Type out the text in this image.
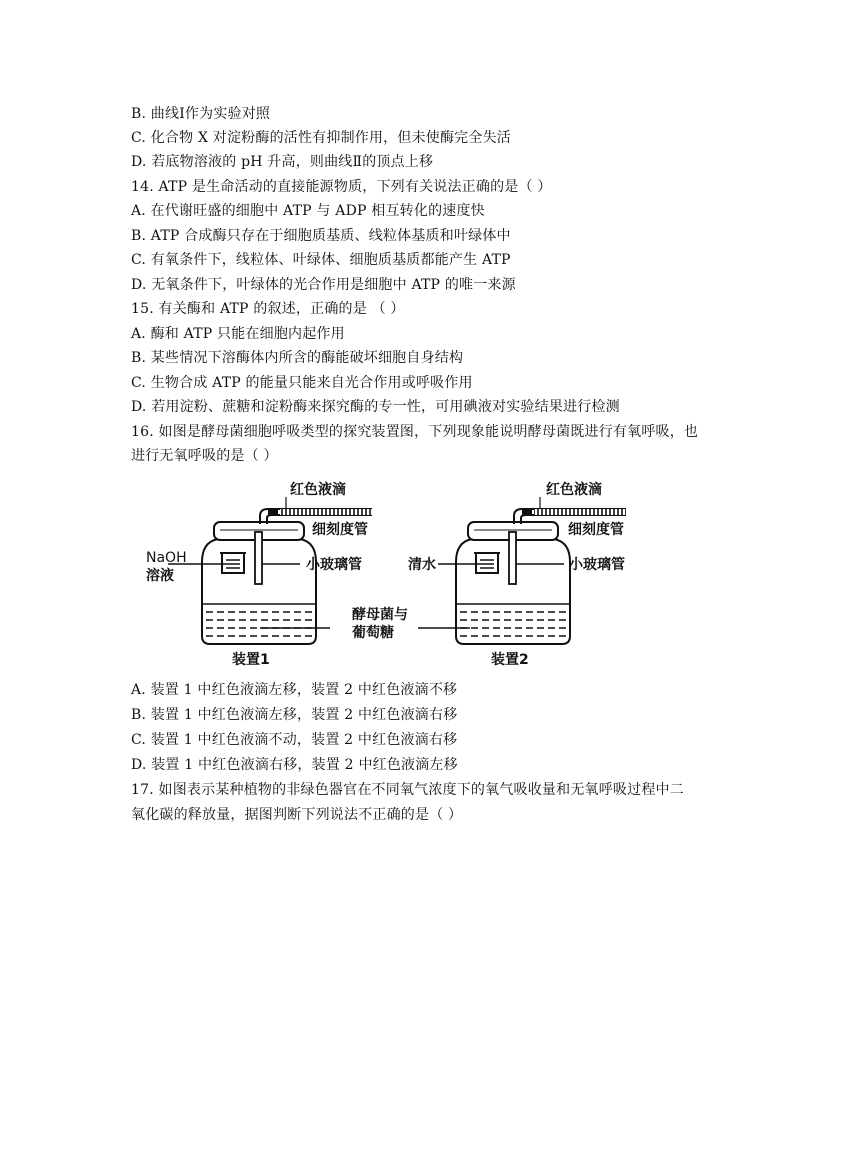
B. 曲线Ⅰ作为实验对照
C. 化合物 X 对淀粉酶的活性有抑制作用，但未使酶完全失活
D. 若底物溶液的 pH 升高，则曲线Ⅱ的顶点上移
14. ATP 是生命活动的直接能源物质，下列有关说法正确的是（ ）
A. 在代谢旺盛的细胞中 ATP 与 ADP 相互转化的速度快
B. ATP 合成酶只存在于细胞质基质、线粒体基质和叶绿体中
C. 有氧条件下，线粒体、叶绿体、细胞质基质都能产生 ATP
D. 无氧条件下，叶绿体的光合作用是细胞中 ATP 的唯一来源
15. 有关酶和 ATP 的叙述，正确的是 （ ）
A. 酶和 ATP 只能在细胞内起作用
B. 某些情况下溶酶体内所含的酶能破坏细胞自身结构
C. 生物合成 ATP 的能量只能来自光合作用或呼吸作用
D. 若用淀粉、蔗糖和淀粉酶来探究酶的专一性，可用碘液对实验结果进行检测
16. 如图是酵母菌细胞呼吸类型的探究装置图，下列现象能说明酵母菌既进行有氧呼吸，也
进行无氧呼吸的是（ ）
红色液滴
细刻度管
小玻璃管
NaOH
溶液
酵母菌与
葡萄糖
装置1
红色液滴
细刻度管
小玻璃管
清水
装置2
A. 装置 1 中红色液滴左移，装置 2 中红色液滴不移
B. 装置 1 中红色液滴左移，装置 2 中红色液滴右移
C. 装置 1 中红色液滴不动，装置 2 中红色液滴右移
D. 装置 1 中红色液滴右移，装置 2 中红色液滴左移
17. 如图表示某种植物的非绿色器官在不同氧气浓度下的氧气吸收量和无氧呼吸过程中二
氧化碳的释放量，据图判断下列说法不正确的是（ ）
